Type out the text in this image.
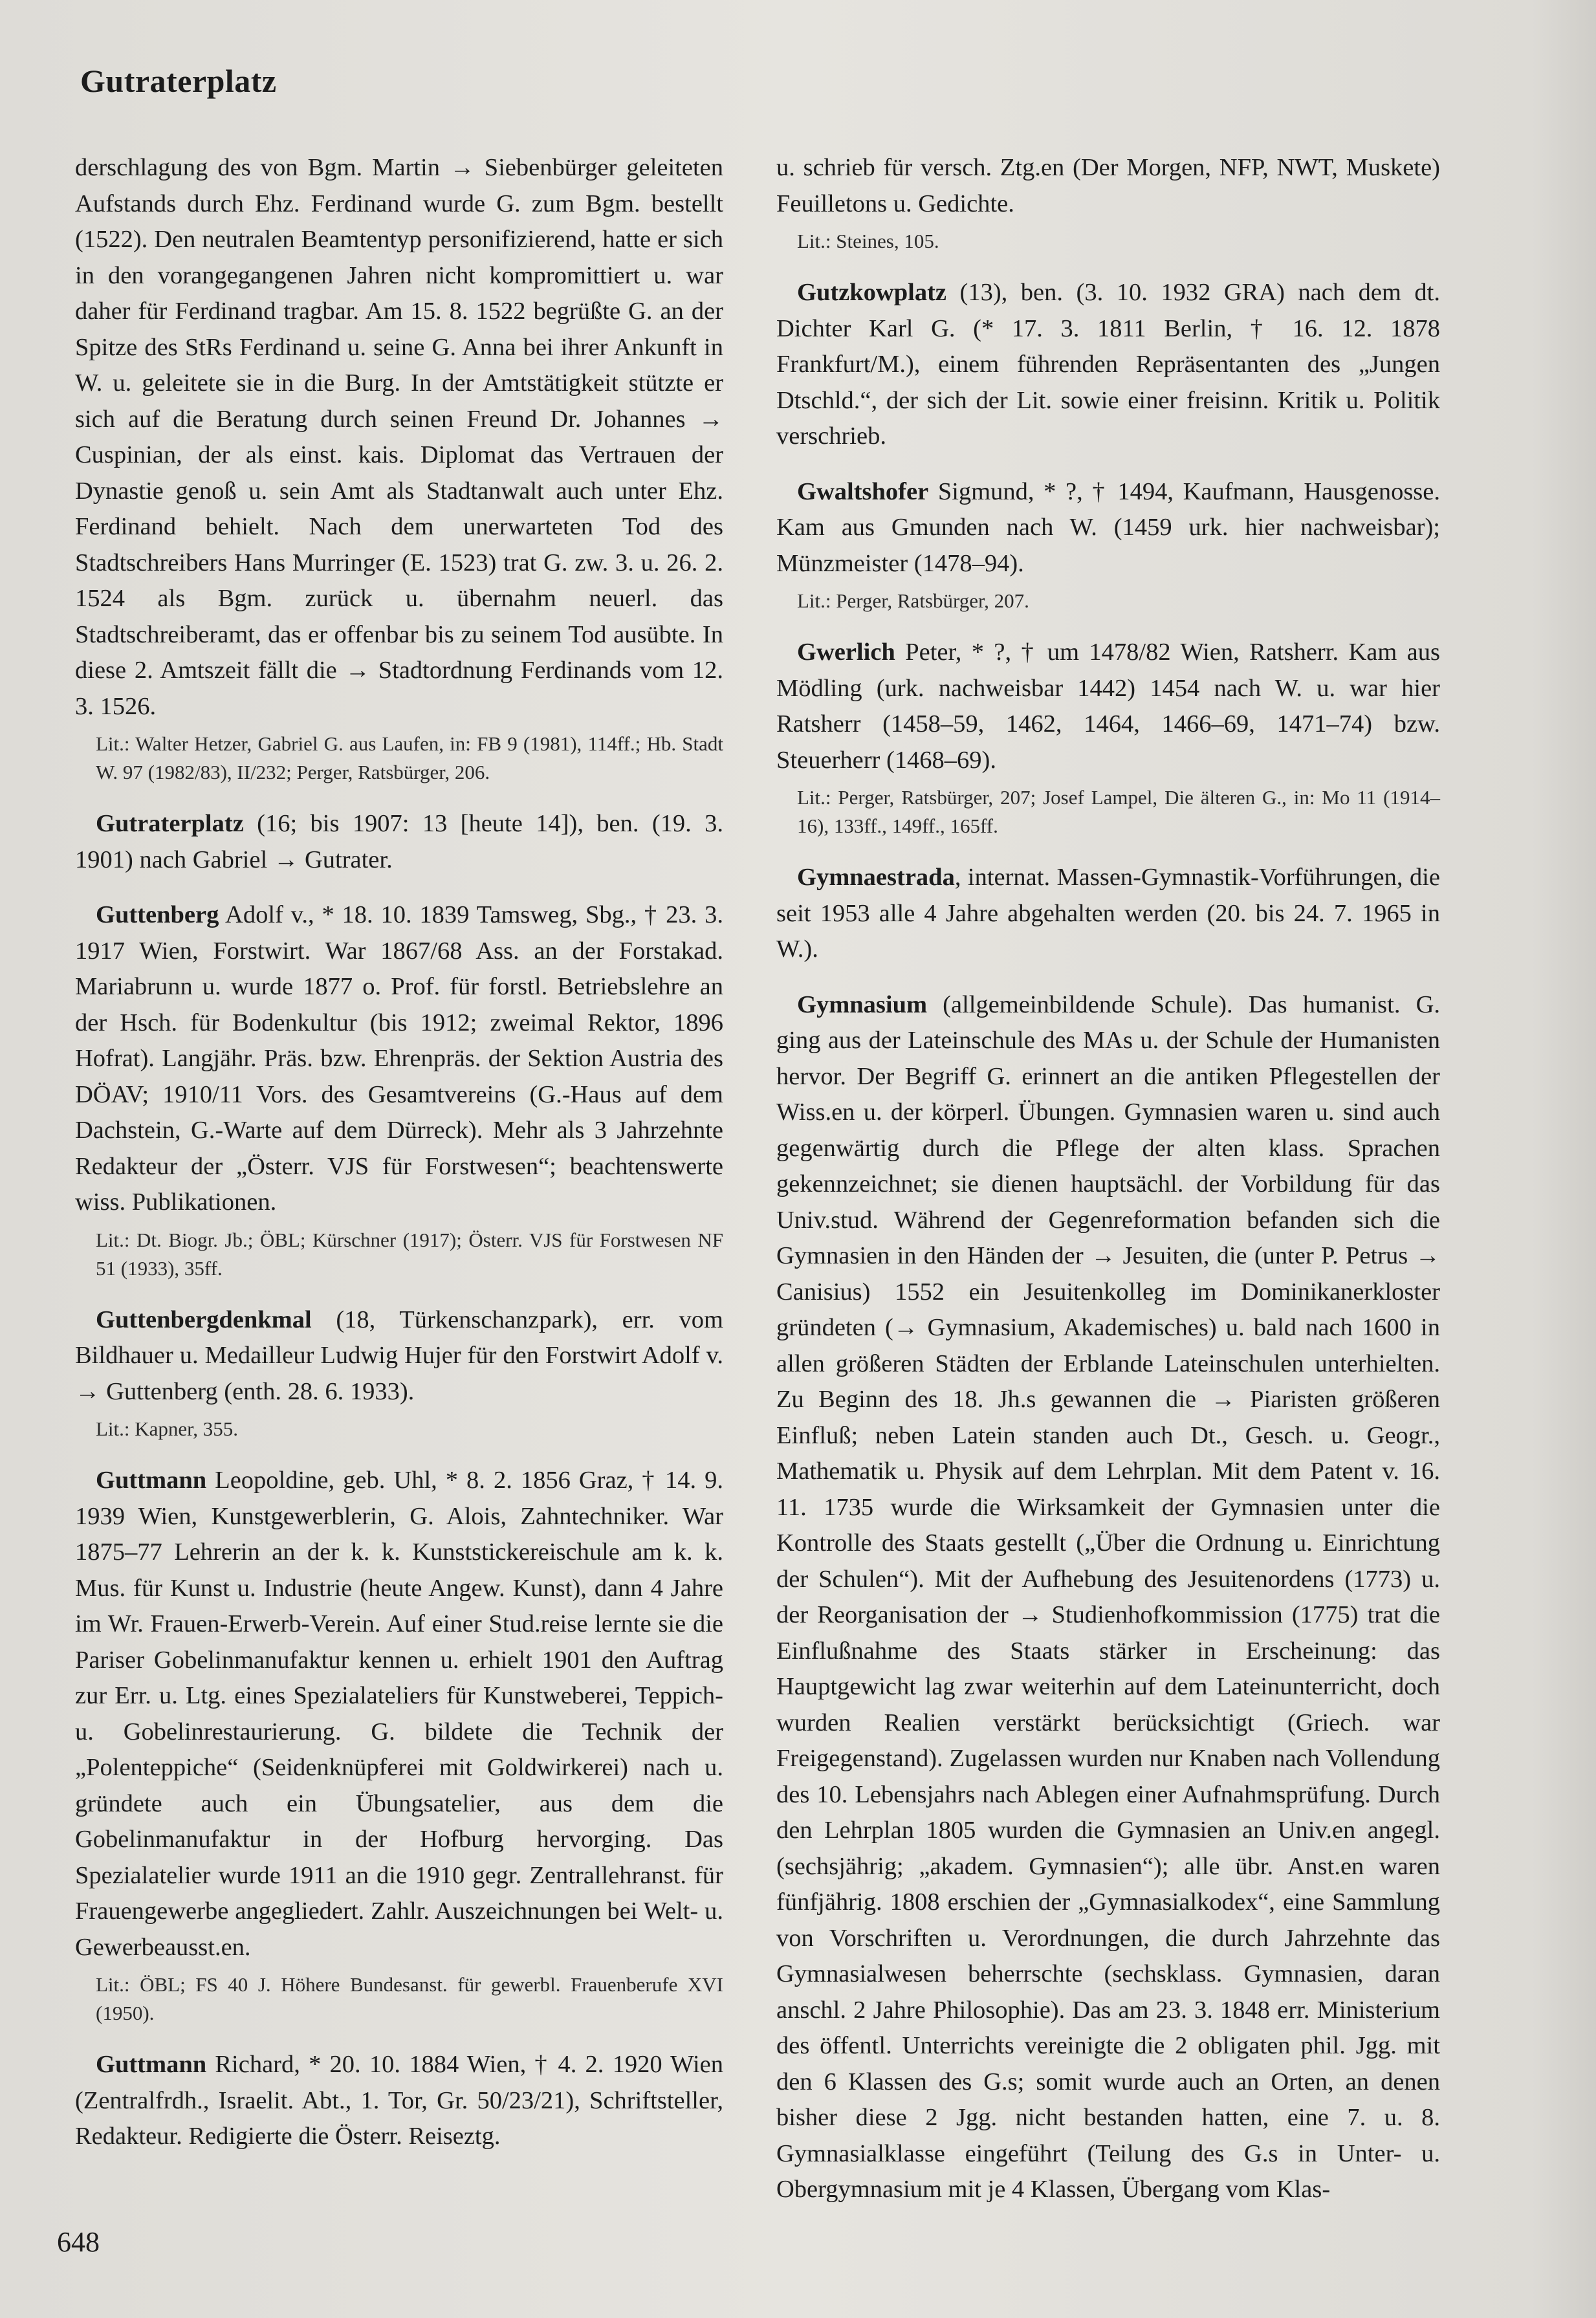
Gutraterplatz

derschlagung des von Bgm. Martin → Siebenbürger geleiteten Aufstands durch Ehz. Ferdinand wurde G. zum Bgm. bestellt (1522). Den neutralen Beamtentyp personifizierend, hatte er sich in den vorangegangenen Jahren nicht kompromittiert u. war daher für Ferdinand tragbar. Am 15. 8. 1522 begrüßte G. an der Spitze des StRs Ferdinand u. seine G. Anna bei ihrer Ankunft in W. u. geleitete sie in die Burg. In der Amtstätigkeit stützte er sich auf die Beratung durch seinen Freund Dr. Johannes → Cuspinian, der als einst. kais. Diplomat das Vertrauen der Dynastie genoß u. sein Amt als Stadtanwalt auch unter Ehz. Ferdinand behielt. Nach dem unerwarteten Tod des Stadtschreibers Hans Murringer (E. 1523) trat G. zw. 3. u. 26. 2. 1524 als Bgm. zurück u. übernahm neuerl. das Stadtschreiberamt, das er offenbar bis zu seinem Tod ausübte. In diese 2. Amtszeit fällt die → Stadtordnung Ferdinands vom 12. 3. 1526.

Lit.: Walter Hetzer, Gabriel G. aus Laufen, in: FB 9 (1981), 114ff.; Hb. Stadt W. 97 (1982/83), II/232; Perger, Ratsbürger, 206.

Gutraterplatz (16; bis 1907: 13 [heute 14]), ben. (19. 3. 1901) nach Gabriel → Gutrater.

Guttenberg Adolf v., * 18. 10. 1839 Tamsweg, Sbg., † 23. 3. 1917 Wien, Forstwirt. War 1867/68 Ass. an der Forstakad. Mariabrunn u. wurde 1877 o. Prof. für forstl. Betriebslehre an der Hsch. für Bodenkultur (bis 1912; zweimal Rektor, 1896 Hofrat). Langjähr. Präs. bzw. Ehrenpräs. der Sektion Austria des DÖAV; 1910/11 Vors. des Gesamtvereins (G.-Haus auf dem Dachstein, G.-Warte auf dem Dürreck). Mehr als 3 Jahrzehnte Redakteur der „Österr. VJS für Forstwesen“; beachtenswerte wiss. Publikationen.

Lit.: Dt. Biogr. Jb.; ÖBL; Kürschner (1917); Österr. VJS für Forstwesen NF 51 (1933), 35ff.

Guttenbergdenkmal (18, Türkenschanzpark), err. vom Bildhauer u. Medailleur Ludwig Hujer für den Forstwirt Adolf v. → Guttenberg (enth. 28. 6. 1933).

Lit.: Kapner, 355.

Guttmann Leopoldine, geb. Uhl, * 8. 2. 1856 Graz, † 14. 9. 1939 Wien, Kunstgewerblerin, G. Alois, Zahntechniker. War 1875–77 Lehrerin an der k. k. Kunststickereischule am k. k. Mus. für Kunst u. Industrie (heute Angew. Kunst), dann 4 Jahre im Wr. Frauen-Erwerb-Verein. Auf einer Stud.reise lernte sie die Pariser Gobelinmanufaktur kennen u. erhielt 1901 den Auftrag zur Err. u. Ltg. eines Spezialateliers für Kunstweberei, Teppich- u. Gobelinrestaurierung. G. bildete die Technik der „Polenteppiche“ (Seidenknüpferei mit Goldwirkerei) nach u. gründete auch ein Übungsatelier, aus dem die Gobelinmanufaktur in der Hofburg hervorging. Das Spezialatelier wurde 1911 an die 1910 gegr. Zentrallehranst. für Frauengewerbe angegliedert. Zahlr. Auszeichnungen bei Welt- u. Gewerbeausst.en.

Lit.: ÖBL; FS 40 J. Höhere Bundesanst. für gewerbl. Frauenberufe XVI (1950).

Guttmann Richard, * 20. 10. 1884 Wien, † 4. 2. 1920 Wien (Zentralfrdh., Israelit. Abt., 1. Tor, Gr. 50/23/21), Schriftsteller, Redakteur. Redigierte die Österr. Reiseztg.

u. schrieb für versch. Ztg.en (Der Morgen, NFP, NWT, Muskete) Feuilletons u. Gedichte.

Lit.: Steines, 105.

Gutzkowplatz (13), ben. (3. 10. 1932 GRA) nach dem dt. Dichter Karl G. (* 17. 3. 1811 Berlin, † 16. 12. 1878 Frankfurt/M.), einem führenden Repräsentanten des „Jungen Dtschld.“, der sich der Lit. sowie einer freisinn. Kritik u. Politik verschrieb.

Gwaltshofer Sigmund, * ?, † 1494, Kaufmann, Hausgenosse. Kam aus Gmunden nach W. (1459 urk. hier nachweisbar); Münzmeister (1478–94).

Lit.: Perger, Ratsbürger, 207.

Gwerlich Peter, * ?, † um 1478/82 Wien, Ratsherr. Kam aus Mödling (urk. nachweisbar 1442) 1454 nach W. u. war hier Ratsherr (1458–59, 1462, 1464, 1466–69, 1471–74) bzw. Steuerherr (1468–69).

Lit.: Perger, Ratsbürger, 207; Josef Lampel, Die älteren G., in: Mo 11 (1914–16), 133ff., 149ff., 165ff.

Gymnaestrada, internat. Massen-Gymnastik-Vorführungen, die seit 1953 alle 4 Jahre abgehalten werden (20. bis 24. 7. 1965 in W.).

Gymnasium (allgemeinbildende Schule). Das humanist. G. ging aus der Lateinschule des MAs u. der Schule der Humanisten hervor. Der Begriff G. erinnert an die antiken Pflegestellen der Wiss.en u. der körperl. Übungen. Gymnasien waren u. sind auch gegenwärtig durch die Pflege der alten klass. Sprachen gekennzeichnet; sie dienen hauptsächl. der Vorbildung für das Univ.stud. Während der Gegenreformation befanden sich die Gymnasien in den Händen der → Jesuiten, die (unter P. Petrus → Canisius) 1552 ein Jesuitenkolleg im Dominikanerkloster gründeten (→ Gymnasium, Akademisches) u. bald nach 1600 in allen größeren Städten der Erblande Lateinschulen unterhielten. Zu Beginn des 18. Jh.s gewannen die → Piaristen größeren Einfluß; neben Latein standen auch Dt., Gesch. u. Geogr., Mathematik u. Physik auf dem Lehrplan. Mit dem Patent v. 16. 11. 1735 wurde die Wirksamkeit der Gymnasien unter die Kontrolle des Staats gestellt („Über die Ordnung u. Einrichtung der Schulen“). Mit der Aufhebung des Jesuitenordens (1773) u. der Reorganisation der → Studienhofkommission (1775) trat die Einflußnahme des Staats stärker in Erscheinung: das Hauptgewicht lag zwar weiterhin auf dem Lateinunterricht, doch wurden Realien verstärkt berücksichtigt (Griech. war Freigegenstand). Zugelassen wurden nur Knaben nach Vollendung des 10. Lebensjahrs nach Ablegen einer Aufnahmsprüfung. Durch den Lehrplan 1805 wurden die Gymnasien an Univ.en angegl. (sechsjährig; „akadem. Gymnasien“); alle übr. Anst.en waren fünfjährig. 1808 erschien der „Gymnasialkodex“, eine Sammlung von Vorschriften u. Verordnungen, die durch Jahrzehnte das Gymnasialwesen beherrschte (sechsklass. Gymnasien, daran anschl. 2 Jahre Philosophie). Das am 23. 3. 1848 err. Ministerium des öffentl. Unterrichts vereinigte die 2 obligaten phil. Jgg. mit den 6 Klassen des G.s; somit wurde auch an Orten, an denen bisher diese 2 Jgg. nicht bestanden hatten, eine 7. u. 8. Gymnasialklasse eingeführt (Teilung des G.s in Unter- u. Obergymnasium mit je 4 Klassen, Übergang vom Klas-

648
